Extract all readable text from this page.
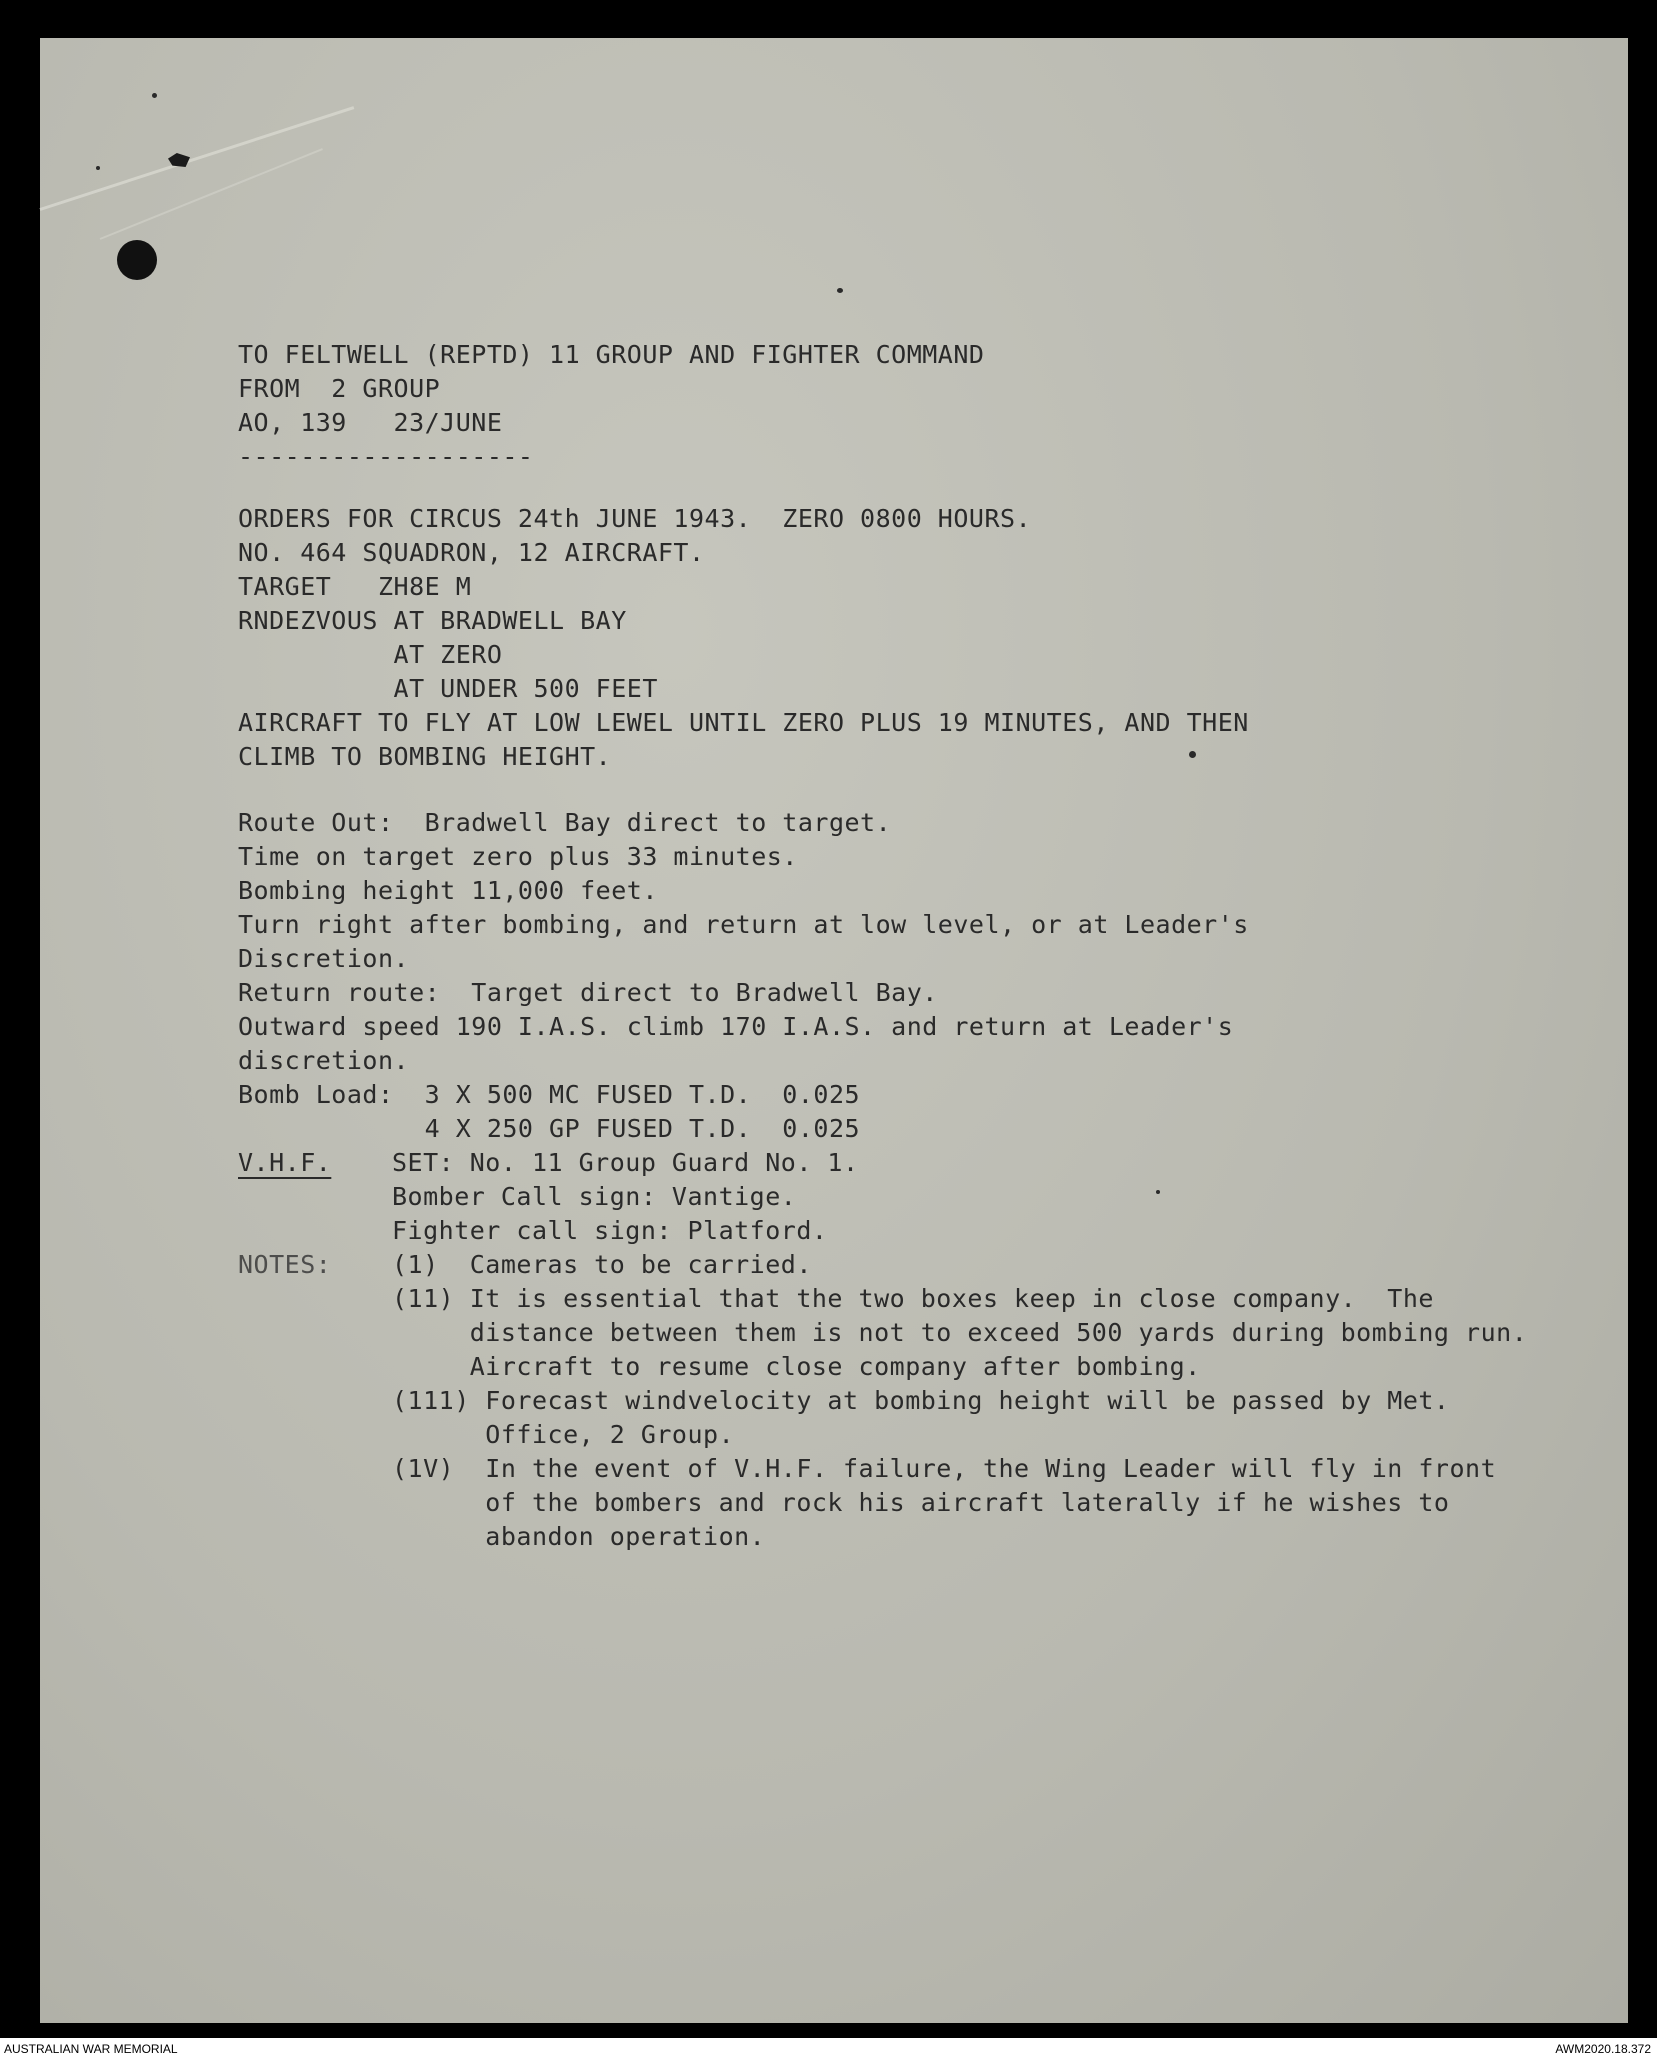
TO FELTWELL (REPTD) 11 GROUP AND FIGHTER COMMAND
FROM  2 GROUP
AO, 139   23/JUNE
-------------------
ORDERS FOR CIRCUS 24th JUNE 1943.  ZERO 0800 HOURS.
NO. 464 SQUADRON, 12 AIRCRAFT.
TARGET   ZH8E M
RNDEZVOUS AT BRADWELL BAY
AT ZERO
AT UNDER 500 FEET
AIRCRAFT TO FLY AT LOW LEWEL UNTIL ZERO PLUS 19 MINUTES, AND THEN
CLIMB TO BOMBING HEIGHT.
Route Out:  Bradwell Bay direct to target.
Time on target zero plus 33 minutes.
Bombing height 11,000 feet.
Turn right after bombing, and return at low level, or at Leader's
Discretion.
Return route:  Target direct to Bradwell Bay.
Outward speed 190 I.A.S. climb 170 I.A.S. and return at Leader's
discretion.
Bomb Load:  3 X 500 MC FUSED T.D.  0.025
4 X 250 GP FUSED T.D.  0.025
V.H.F. SET: No. 11 Group Guard No. 1.
Bomber Call sign: Vantige.
Fighter call sign: Platford.
NOTES: (1)  Cameras to be carried.
(11) It is essential that the two boxes keep in close company.  The
distance between them is not to exceed 500 yards during bombing run.
Aircraft to resume close company after bombing.
(111) Forecast windvelocity at bombing height will be passed by Met.
Office, 2 Group.
(1V)  In the event of V.H.F. failure, the Wing Leader will fly in front
of the bombers and rock his aircraft laterally if he wishes to
abandon operation.
AUSTRALIAN WAR MEMORIAL	AWM2020.18.372
